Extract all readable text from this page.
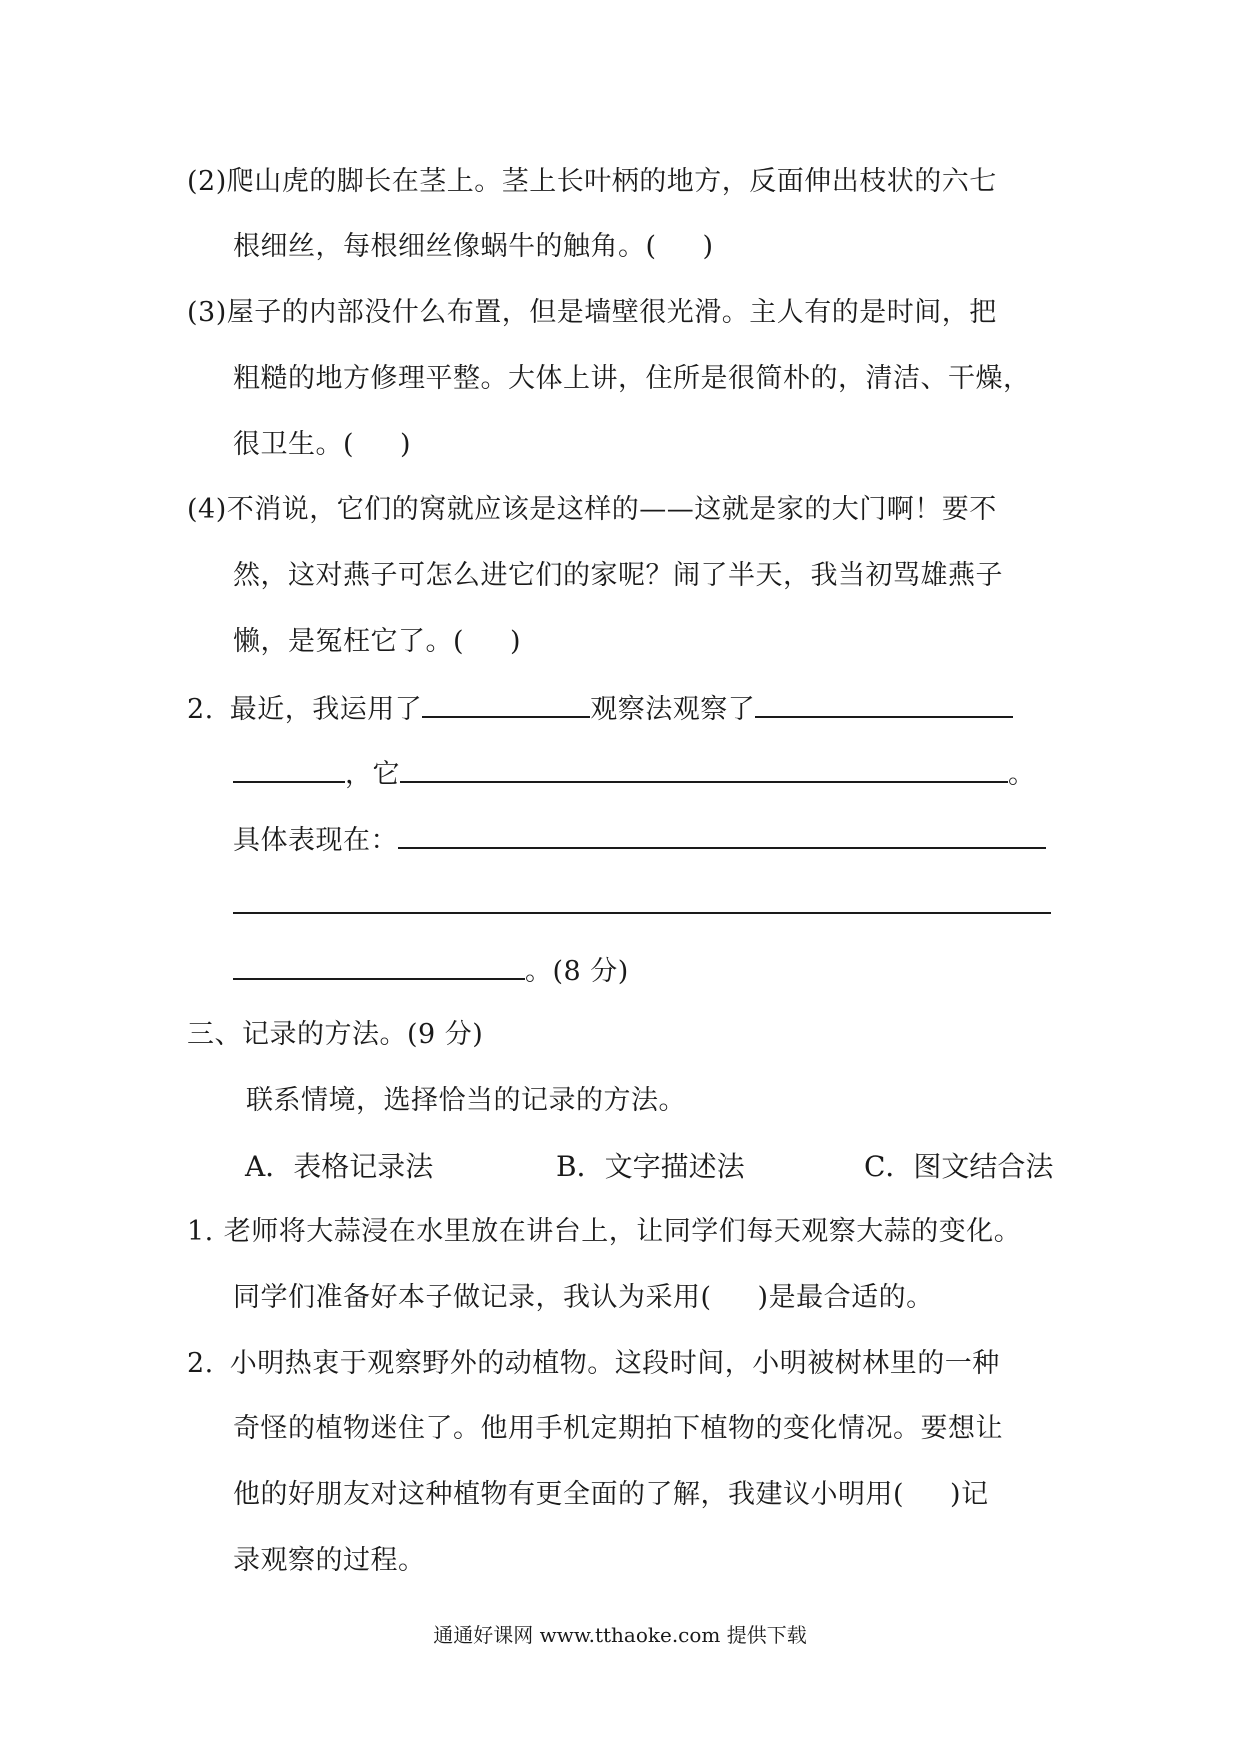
(2)爬山虎的脚长在茎上。茎上长叶柄的地方，反面伸出枝状的六七
根细丝，每根细丝像蜗牛的触角。( )
(3)屋子的内部没什么布置，但是墙壁很光滑。主人有的是时间，把
粗糙的地方修理平整。大体上讲，住所是很简朴的，清洁、干燥，
很卫生。( )
(4)不消说，它们的窝就应该是这样的——这就是家的大门啊！要不
然，这对燕子可怎么进它们的家呢？闹了半天，我当初骂雄燕子
懒，是冤枉它了。( )
2. 最近，我运用了	观察法观察了
，它	。
具体表现在：
。(8 分)
三、记录的方法。(9 分)
联系情境，选择恰当的记录的方法。
A．表格记录法	B．文字描述法	C．图文结合法
1. 老师将大蒜浸在水里放在讲台上，让同学们每天观察大蒜的变化。
同学们准备好本子做记录，我认为采用( )是最合适的。
2. 小明热衷于观察野外的动植物。这段时间，小明被树林里的一种
奇怪的植物迷住了。他用手机定期拍下植物的变化情况。要想让
他的好朋友对这种植物有更全面的了解，我建议小明用( )记
录观察的过程。
通通好课网 www.tthaoke.com 提供下载
